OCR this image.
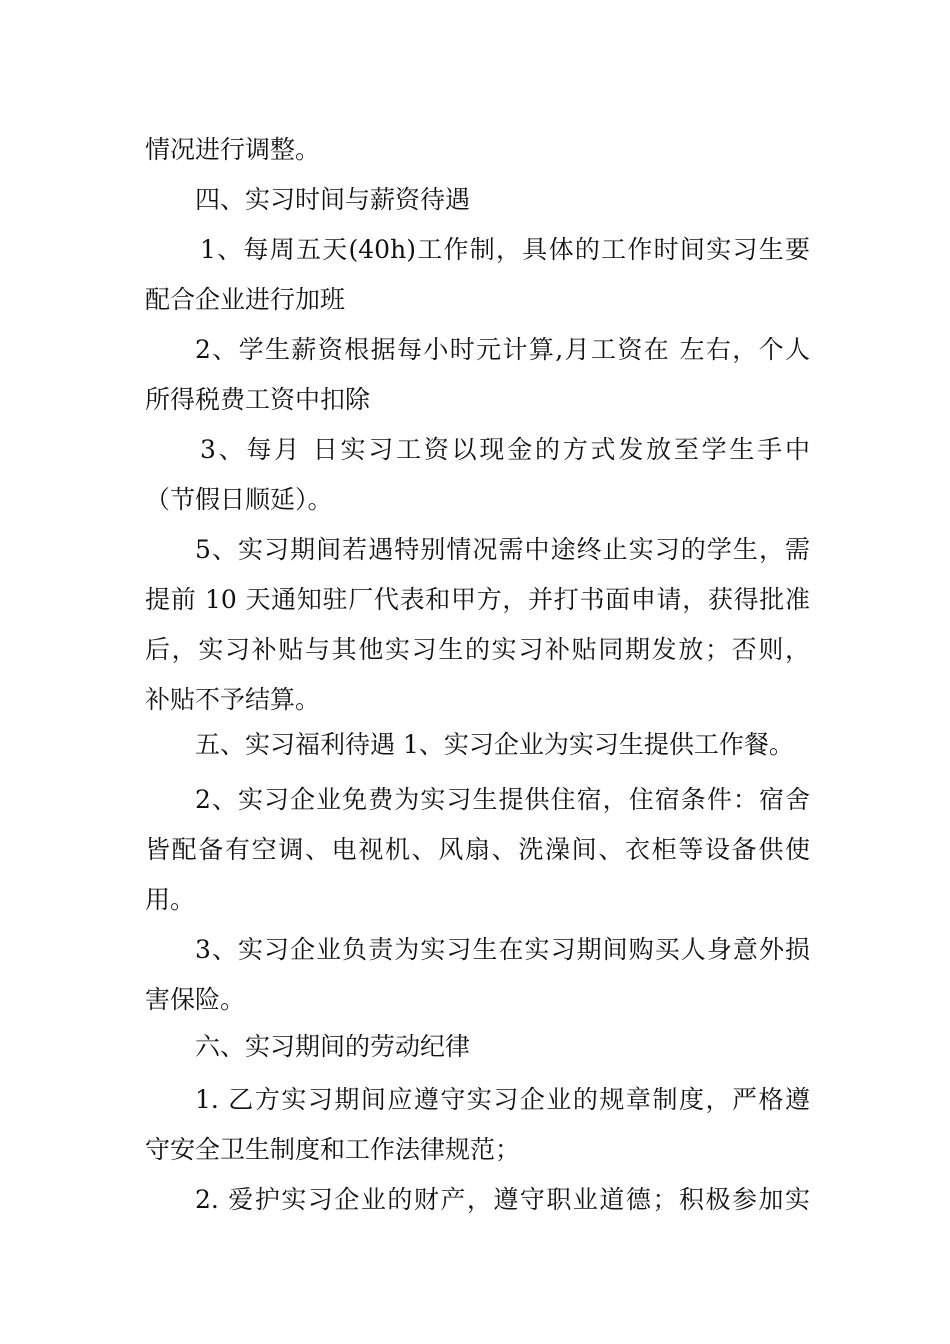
情况进行调整。
四、实习时间与薪资待遇
1、每周五天(40h)工作制，具体的工作时间实习生要
配合企业进行加班
2、学生薪资根据每小时元计算,月工资在 左右，个人
所得税费工资中扣除
3、每月 日实习工资以现金的方式发放至学生手中
（节假日顺延）。
5、实习期间若遇特别情况需中途终止实习的学生，需
提前 10 天通知驻厂代表和甲方，并打书面申请，获得批准
后，实习补贴与其他实习生的实习补贴同期发放；否则，
补贴不予结算。
五、实习福利待遇 1、实习企业为实习生提供工作餐。
2、实习企业免费为实习生提供住宿，住宿条件：宿舍
皆配备有空调、电视机、风扇、洗澡间、衣柜等设备供使
用。
3、实习企业负责为实习生在实习期间购买人身意外损
害保险。
六、实习期间的劳动纪律
1. 乙方实习期间应遵守实习企业的规章制度，严格遵
守安全卫生制度和工作法律规范；
2. 爱护实习企业的财产，遵守职业道德；积极参加实
